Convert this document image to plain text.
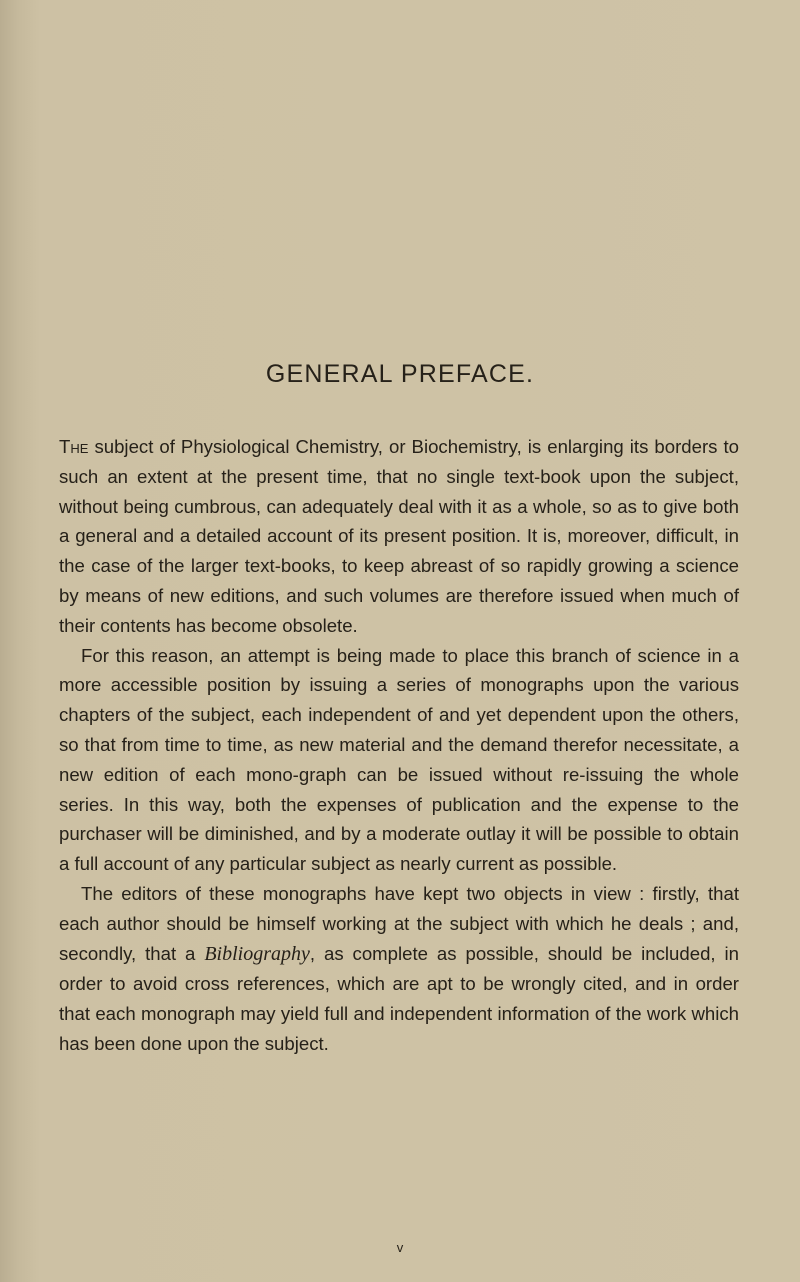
GENERAL PREFACE.

The subject of Physiological Chemistry, or Biochemistry, is enlarging its borders to such an extent at the present time, that no single text-book upon the subject, without being cumbrous, can adequately deal with it as a whole, so as to give both a general and a detailed account of its present position. It is, moreover, difficult, in the case of the larger text-books, to keep abreast of so rapidly growing a science by means of new editions, and such volumes are therefore issued when much of their contents has become obsolete.

For this reason, an attempt is being made to place this branch of science in a more accessible position by issuing a series of monographs upon the various chapters of the subject, each independent of and yet dependent upon the others, so that from time to time, as new material and the demand therefor necessitate, a new edition of each mono-graph can be issued without re-issuing the whole series. In this way, both the expenses of publication and the expense to the purchaser will be diminished, and by a moderate outlay it will be possible to obtain a full account of any particular subject as nearly current as possible.

The editors of these monographs have kept two objects in view : firstly, that each author should be himself working at the subject with which he deals ; and, secondly, that a Bibliography, as complete as possible, should be included, in order to avoid cross references, which are apt to be wrongly cited, and in order that each monograph may yield full and independent information of the work which has been done upon the subject.

v
